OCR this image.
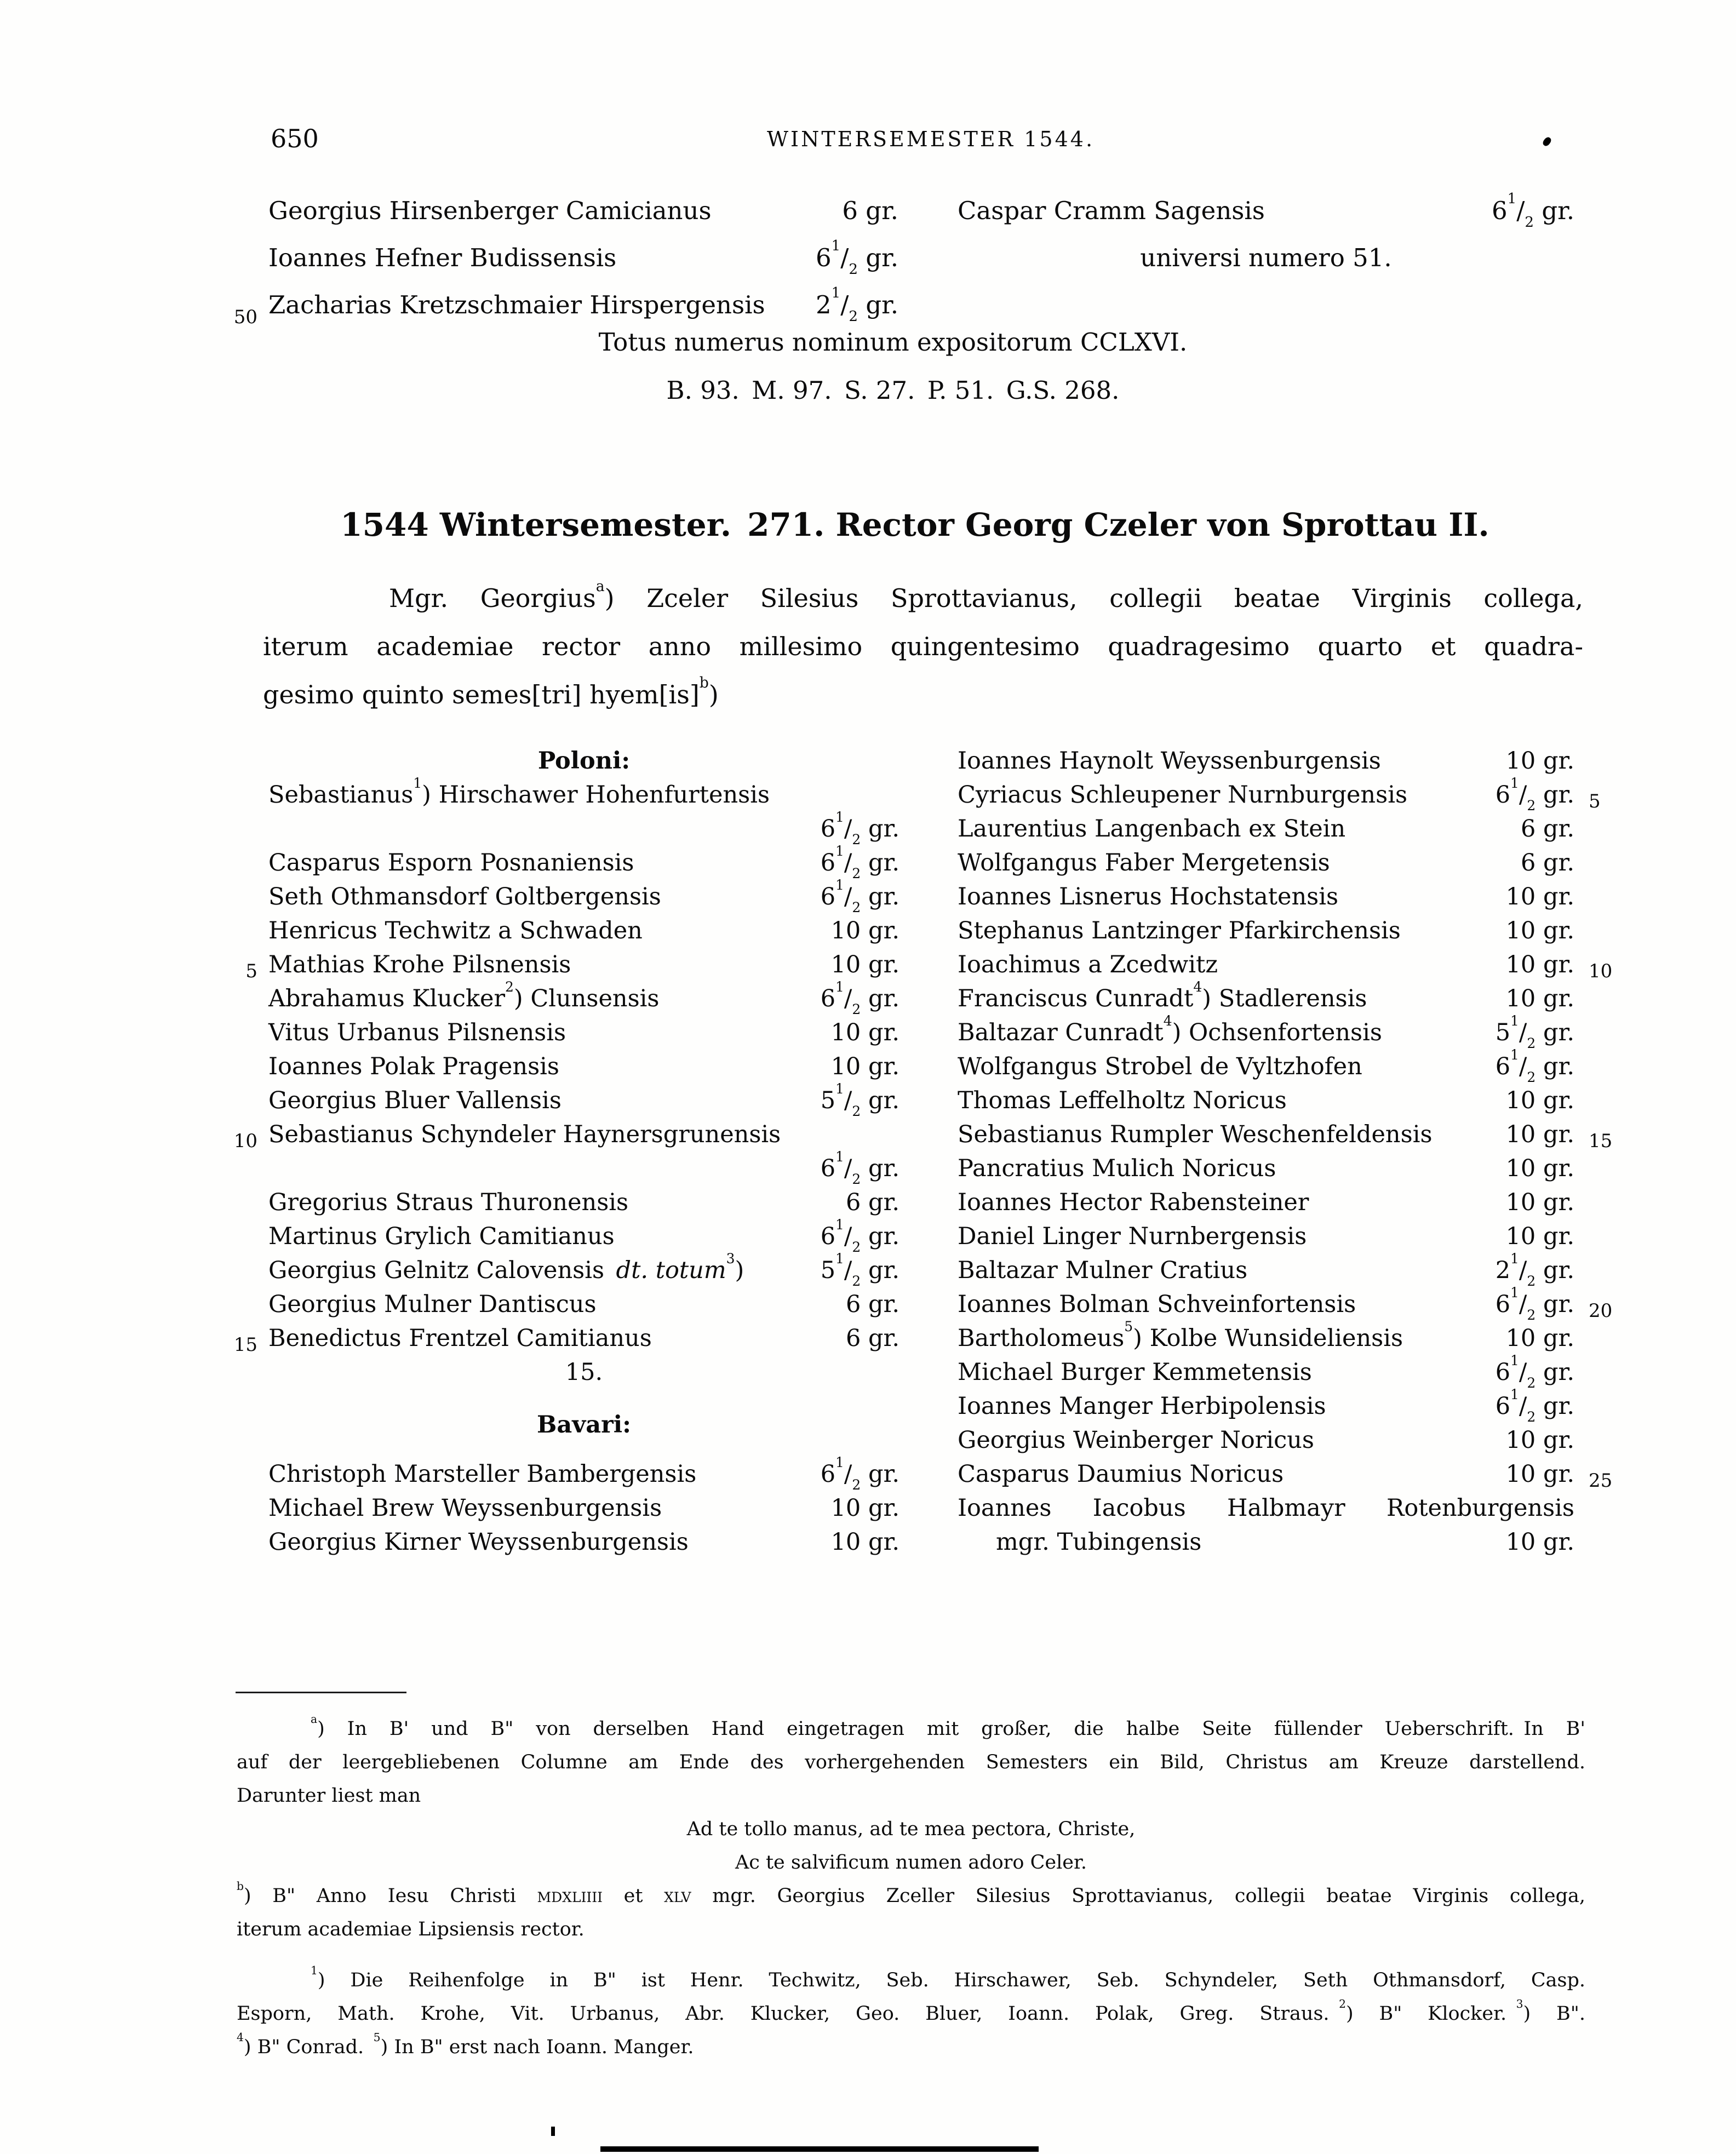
650	WINTERSEMESTER 1544.
Georgius Hirsenberger Camicianus	6 gr.
Ioannes Hefner Budissensis	$6^1/_2$ gr.
50 Zacharias Kretzschmaier Hirspergensis	$2^1/_2$ gr.
Caspar Cramm Sagensis	$6^1/_2$ gr.
universi numero 51.
Totus numerus nominum expositorum CCLXVI.
B. 93. M. 97. S. 27. P. 51. G.S. 268.
1544 Wintersemester. 271. Rector Georg Czeler von Sprottau II.
Mgr. Georgius$^a$) Zceler Silesius Sprottavianus, collegii beatae Virginis collega,
iterum academiae rector anno millesimo quingentesimo quadragesimo quarto et quadra-
gesimo quinto semes[tri] hyem[is]$^b$)
Poloni:
Sebastianus$^1$) Hirschawer Hohenfurtensis
$6^1/_2$ gr.
Casparus Esporn Posnaniensis	$6^1/_2$ gr.
Seth Othmansdorf Goltbergensis	$6^1/_2$ gr.
Henricus Techwitz a Schwaden	10 gr.
5 Mathias Krohe Pilsnensis	10 gr.
Abrahamus Klucker$^2$) Clunsensis	$6^1/_2$ gr.
Vitus Urbanus Pilsnensis	10 gr.
Ioannes Polak Pragensis	10 gr.
Georgius Bluer Vallensis	$5^1/_2$ gr.
10 Sebastianus Schyndeler Haynersgrunensis
$6^1/_2$ gr.
Gregorius Straus Thuronensis	6 gr.
Martinus Grylich Camitianus	$6^1/_2$ gr.
Georgius Gelnitz Calovensis dt. totum$^3$)	$5^1/_2$ gr.
Georgius Mulner Dantiscus	6 gr.
15 Benedictus Frentzel Camitianus	6 gr.
15.
Bavari:
Christoph Marsteller Bambergensis	$6^1/_2$ gr.
Michael Brew Weyssenburgensis	10 gr.
Georgius Kirner Weyssenburgensis	10 gr.
Ioannes Haynolt Weyssenburgensis	10 gr.
Cyriacus Schleupener Nurnburgensis	$6^1/_2$ gr. 5
Laurentius Langenbach ex Stein	6 gr.
Wolfgangus Faber Mergetensis	6 gr.
Ioannes Lisnerus Hochstatensis	10 gr.
Stephanus Lantzinger Pfarkirchensis	10 gr.
Ioachimus a Zcedwitz	10 gr. 10
Franciscus Cunradt$^4$) Stadlerensis	10 gr.
Baltazar Cunradt$^4$) Ochsenfortensis	$5^1/_2$ gr.
Wolfgangus Strobel de Vyltzhofen	$6^1/_2$ gr.
Thomas Leffelholtz Noricus	10 gr.
Sebastianus Rumpler Weschenfeldensis	10 gr. 15
Pancratius Mulich Noricus	10 gr.
Ioannes Hector Rabensteiner	10 gr.
Daniel Linger Nurnbergensis	10 gr.
Baltazar Mulner Cratius	$2^1/_2$ gr.
Ioannes Bolman Schveinfortensis	$6^1/_2$ gr. 20
Bartholomeus$^5$) Kolbe Wunsideliensis	10 gr.
Michael Burger Kemmetensis	$6^1/_2$ gr.
Ioannes Manger Herbipolensis	$6^1/_2$ gr.
Georgius Weinberger Noricus	10 gr.
Casparus Daumius Noricus	10 gr. 25
Ioannes Iacobus Halbmayr Rotenburgensis
mgr. Tubingensis	10 gr.
$^a$) In B' und B" von derselben Hand eingetragen mit großer, die halbe Seite füllender Ueberschrift. In B'
auf der leergebliebenen Columne am Ende des vorhergehenden Semesters ein Bild, Christus am Kreuze darstellend.
Darunter liest man
Ad te tollo manus, ad te mea pectora, Christe,
Ac te salvificum numen adoro Celer.
$^b$) B" Anno Iesu Christi mdxliiii et xlv mgr. Georgius Zceller Silesius Sprottavianus, collegii beatae Virginis collega,
iterum academiae Lipsiensis rector.
$^1$) Die Reihenfolge in B" ist Henr. Techwitz, Seb. Hirschawer, Seb. Schyndeler, Seth Othmansdorf, Casp.
Esporn, Math. Krohe, Vit. Urbanus, Abr. Klucker, Geo. Bluer, Ioann. Polak, Greg. Straus. $^2$) B" Klocker. $^3$) B".
$^4$) B" Conrad. $^5$) In B" erst nach Ioann. Manger.
